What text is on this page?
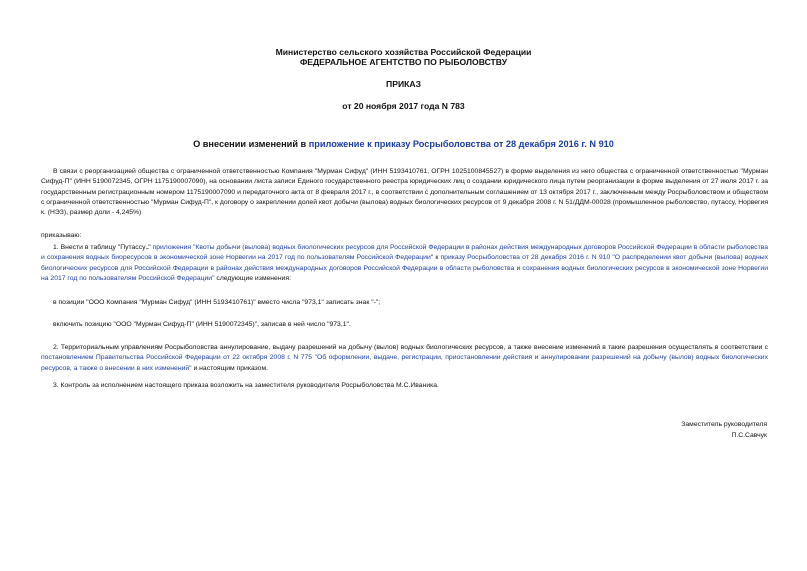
Министерство сельского хозяйства Российской Федерации
ФЕДЕРАЛЬНОЕ АГЕНТСТВО ПО РЫБОЛОВСТВУ
ПРИКАЗ
от 20 ноября 2017 года N 783
О внесении изменений в приложение к приказу Росрыболовства от 28 декабря 2016 г. N 910
В связи с реорганизацией общества с ограниченной ответственностью Компания "Мурман Сифуд" (ИНН 5193410761, ОГРН 1025100845527) в форме выделения из него общества с ограниченной ответственностью "Мурман Сифуд-П" (ИНН 5190072345, ОГРН 1175190007090), на основании листа записи Единого государственного реестра юридических лиц о создании юридического лица путем реорганизации в форме выделения от 27 июля 2017 г. за государственным регистрационным номером 1175190007090 и передаточного акта от 8 февраля 2017 г., в соответствии с дополнительным соглашением от 13 октября 2017 г., заключенным между Росрыболовством и обществом с ограниченной ответственностью "Мурман Сифуд-П", к договору о закреплении долей квот добычи (вылова) водных биологических ресурсов от 9 декабря 2008 г. N 51/ДДМ-00028 (промышленное рыболовство, путассу, Норвегия к. (НЭЗ), размер доли - 4,245%)
приказываю:
1. Внести в таблицу "Путассу..." приложения "Квоты добычи (вылова) водных биологических ресурсов для Российской Федерации в районах действия международных договоров Российской Федерации в области рыболовства и сохранения водных биоресурсов в экономической зоне Норвегии на 2017 год по пользователям Российской Федерации" к приказу Росрыболовства от 28 декабря 2016 г. N 910 "О распределении квот добычи (вылова) водных биологических ресурсов для Российской Федерации в районах действия международных договоров Российской Федерации в области рыболовства и сохранения водных биологических ресурсов в экономической зоне Норвегии на 2017 год по пользователям Российской Федерации" следующие изменения:
в позиции "ООО Компания "Мурман Сифуд" (ИНН 5193410761)" вместо числа "973,1" записать знак "-";
включить позицию "ООО "Мурман Сифуд-П" (ИНН 5190072345)", записав в ней число "973,1".
2. Территориальным управлениям Росрыболовства аннулирование, выдачу разрешений на добычу (вылов) водных биологических ресурсов, а также внесение изменений в такие разрешения осуществлять в соответствии с постановлением Правительства Российской Федерации от 22 октября 2008 г. N 775 "Об оформлении, выдаче, регистрации, приостановлении действия и аннулировании разрешений на добычу (вылов) водных биологических ресурсов, а также о внесении в них изменений" и настоящим приказом.
3. Контроль за исполнением настоящего приказа возложить на заместителя руководителя Росрыболовства М.С.Иваника.
Заместитель руководителя
П.С.Савчук
